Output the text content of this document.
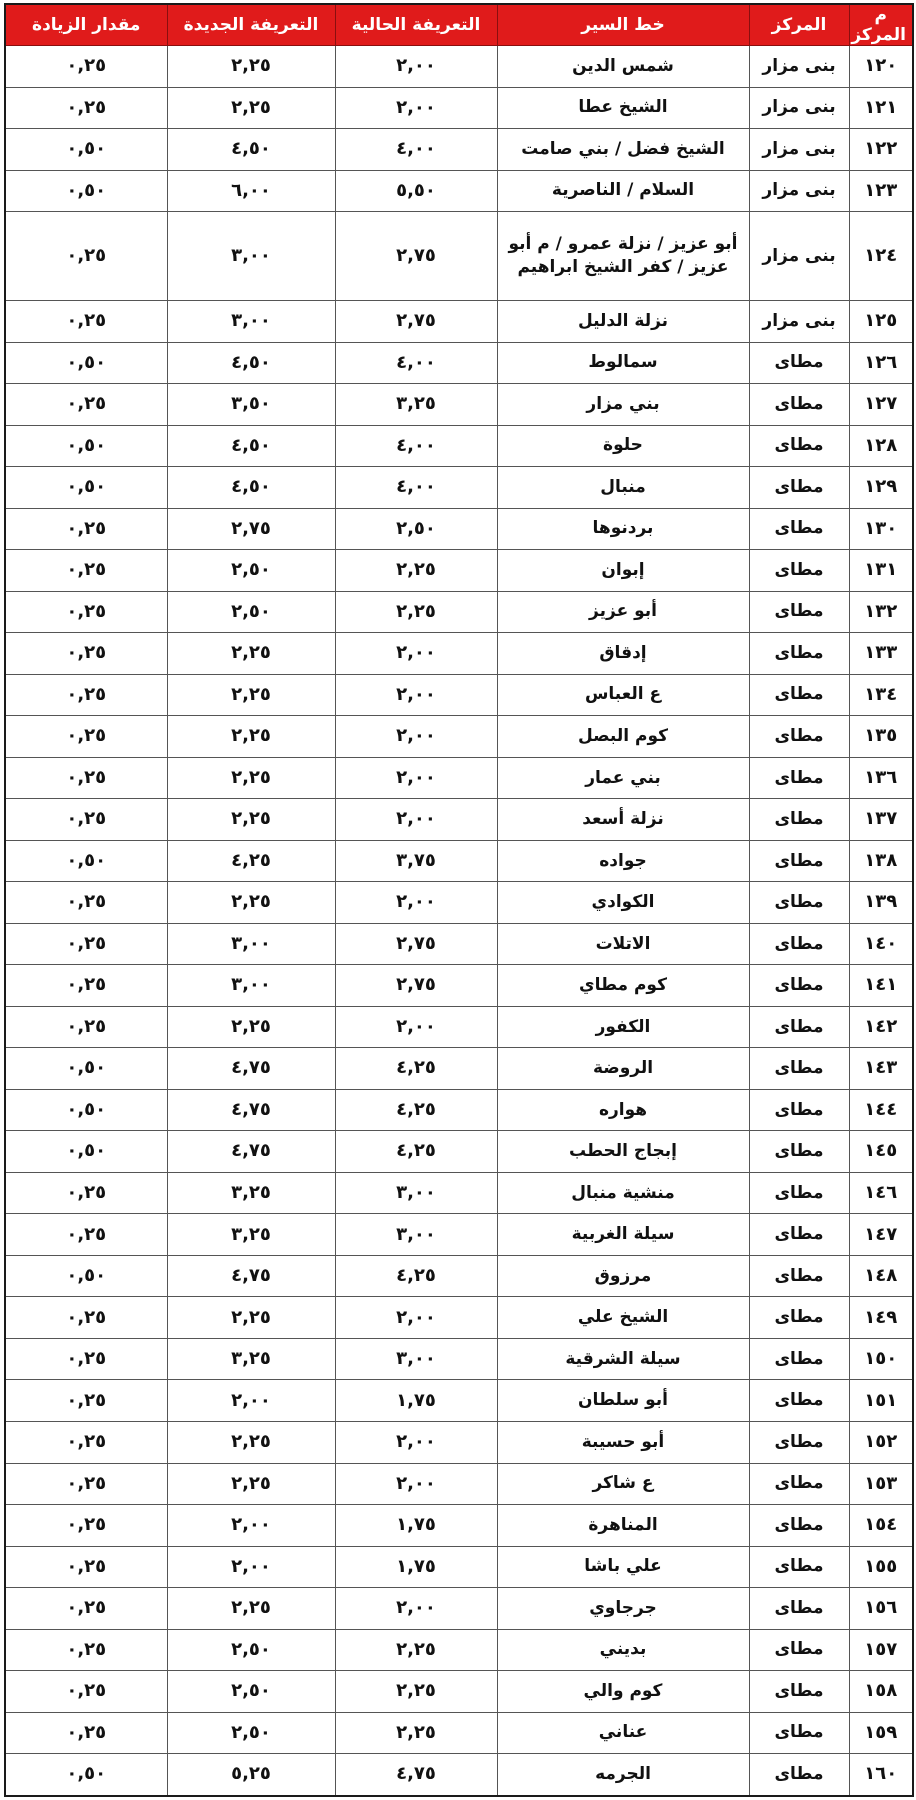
م المركز	المركز	خط السير	التعريفة الحالية	التعريفة الجديدة	مقدار الزيادة
١٢٠	بنى مزار	شمس الدين	٢,٠٠	٢,٢٥	٠,٢٥
١٢١	بنى مزار	الشيخ عطا	٢,٠٠	٢,٢٥	٠,٢٥
١٢٢	بنى مزار	الشيخ فضل / بني صامت	٤,٠٠	٤,٥٠	٠,٥٠
١٢٣	بنى مزار	السلام / الناصرية	٥,٥٠	٦,٠٠	٠,٥٠
١٢٤	بنى مزار	أبو عزيز / نزلة عمرو / م أبو عزيز / كفر الشيخ ابراهيم	٢,٧٥	٣,٠٠	٠,٢٥
١٢٥	بنى مزار	نزلة الدليل	٢,٧٥	٣,٠٠	٠,٢٥
١٢٦	مطاى	سمالوط	٤,٠٠	٤,٥٠	٠,٥٠
١٢٧	مطاى	بني مزار	٣,٢٥	٣,٥٠	٠,٢٥
١٢٨	مطاى	حلوة	٤,٠٠	٤,٥٠	٠,٥٠
١٢٩	مطاى	منبال	٤,٠٠	٤,٥٠	٠,٥٠
١٣٠	مطاى	بردنوها	٢,٥٠	٢,٧٥	٠,٢٥
١٣١	مطاى	إبوان	٢,٢٥	٢,٥٠	٠,٢٥
١٣٢	مطاى	أبو عزيز	٢,٢٥	٢,٥٠	٠,٢٥
١٣٣	مطاى	إدقاق	٢,٠٠	٢,٢٥	٠,٢٥
١٣٤	مطاى	ع العباس	٢,٠٠	٢,٢٥	٠,٢٥
١٣٥	مطاى	كوم البصل	٢,٠٠	٢,٢٥	٠,٢٥
١٣٦	مطاى	بني عمار	٢,٠٠	٢,٢٥	٠,٢٥
١٣٧	مطاى	نزلة أسعد	٢,٠٠	٢,٢٥	٠,٢٥
١٣٨	مطاى	جواده	٣,٧٥	٤,٢٥	٠,٥٠
١٣٩	مطاى	الكوادي	٢,٠٠	٢,٢٥	٠,٢٥
١٤٠	مطاى	الاتلات	٢,٧٥	٣,٠٠	٠,٢٥
١٤١	مطاى	كوم مطاي	٢,٧٥	٣,٠٠	٠,٢٥
١٤٢	مطاى	الكفور	٢,٠٠	٢,٢٥	٠,٢٥
١٤٣	مطاى	الروضة	٤,٢٥	٤,٧٥	٠,٥٠
١٤٤	مطاى	هواره	٤,٢٥	٤,٧٥	٠,٥٠
١٤٥	مطاى	إبجاج الحطب	٤,٢٥	٤,٧٥	٠,٥٠
١٤٦	مطاى	منشية منبال	٣,٠٠	٣,٢٥	٠,٢٥
١٤٧	مطاى	سيلة الغربية	٣,٠٠	٣,٢٥	٠,٢٥
١٤٨	مطاى	مرزوق	٤,٢٥	٤,٧٥	٠,٥٠
١٤٩	مطاى	الشيخ علي	٢,٠٠	٢,٢٥	٠,٢٥
١٥٠	مطاى	سيلة الشرقية	٣,٠٠	٣,٢٥	٠,٢٥
١٥١	مطاى	أبو سلطان	١,٧٥	٢,٠٠	٠,٢٥
١٥٢	مطاى	أبو حسيبة	٢,٠٠	٢,٢٥	٠,٢٥
١٥٣	مطاى	ع شاكر	٢,٠٠	٢,٢٥	٠,٢٥
١٥٤	مطاى	المناهرة	١,٧٥	٢,٠٠	٠,٢٥
١٥٥	مطاى	علي باشا	١,٧٥	٢,٠٠	٠,٢٥
١٥٦	مطاى	جرجاوي	٢,٠٠	٢,٢٥	٠,٢٥
١٥٧	مطاى	بديني	٢,٢٥	٢,٥٠	٠,٢٥
١٥٨	مطاى	كوم والي	٢,٢٥	٢,٥٠	٠,٢٥
١٥٩	مطاى	عناني	٢,٢٥	٢,٥٠	٠,٢٥
١٦٠	مطاى	الجرمه	٤,٧٥	٥,٢٥	٠,٥٠
